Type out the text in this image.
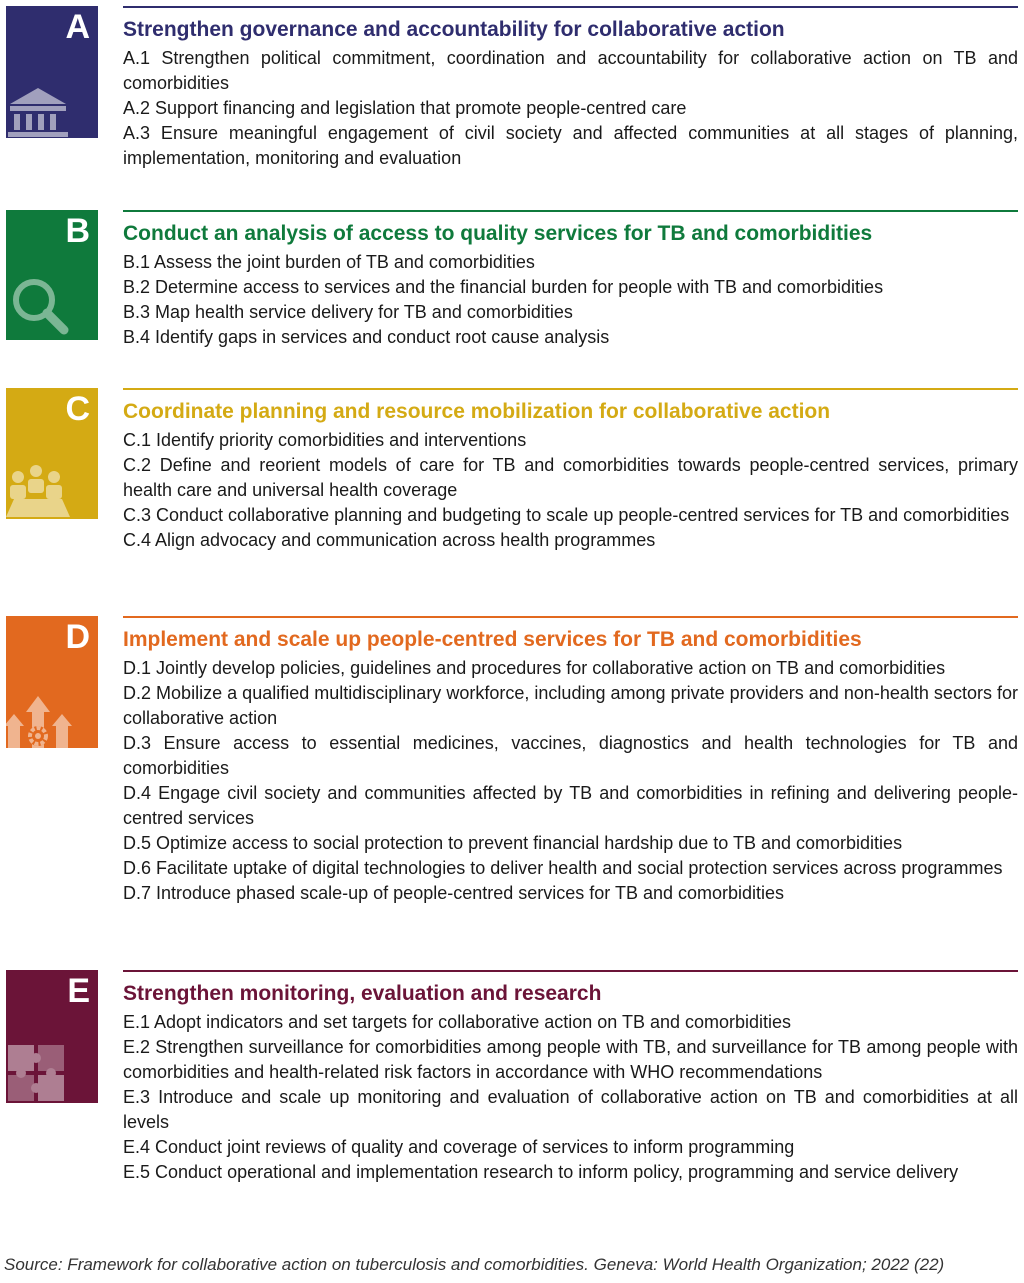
A Strengthen governance and accountability for collaborative action
A.1 Strengthen political commitment, coordination and accountability for collaborative action on TB and comorbidities
A.2 Support financing and legislation that promote people-centred care
A.3 Ensure meaningful engagement of civil society and affected communities at all stages of planning, implementation, monitoring and evaluation
B Conduct an analysis of access to quality services for TB and comorbidities
B.1 Assess the joint burden of TB and comorbidities
B.2 Determine access to services and the financial burden for people with TB and comorbidities
B.3 Map health service delivery for TB and comorbidities
B.4 Identify gaps in services and conduct root cause analysis
C Coordinate planning and resource mobilization for collaborative action
C.1 Identify priority comorbidities and interventions
C.2 Define and reorient models of care for TB and comorbidities towards people-centred services, primary health care and universal health coverage
C.3 Conduct collaborative planning and budgeting to scale up people-centred services for TB and comorbidities
C.4 Align advocacy and communication across health programmes
D Implement and scale up people-centred services for TB and comorbidities
D.1 Jointly develop policies, guidelines and procedures for collaborative action on TB and comorbidities
D.2 Mobilize a qualified multidisciplinary workforce, including among private providers and non-health sectors for collaborative action
D.3 Ensure access to essential medicines, vaccines, diagnostics and health technologies for TB and comorbidities
D.4 Engage civil society and communities affected by TB and comorbidities in refining and delivering people-centred services
D.5 Optimize access to social protection to prevent financial hardship due to TB and comorbidities
D.6 Facilitate uptake of digital technologies to deliver health and social protection services across programmes
D.7 Introduce phased scale-up of people-centred services for TB and comorbidities
E Strengthen monitoring, evaluation and research
E.1 Adopt indicators and set targets for collaborative action on TB and comorbidities
E.2 Strengthen surveillance for comorbidities among people with TB, and surveillance for TB among people with comorbidities and health-related risk factors in accordance with WHO recommendations
E.3 Introduce and scale up monitoring and evaluation of collaborative action on TB and comorbidities at all levels
E.4 Conduct joint reviews of quality and coverage of services to inform programming
E.5 Conduct operational and implementation research to inform policy, programming and service delivery
Source: Framework for collaborative action on tuberculosis and comorbidities. Geneva: World Health Organization; 2022 (22)
